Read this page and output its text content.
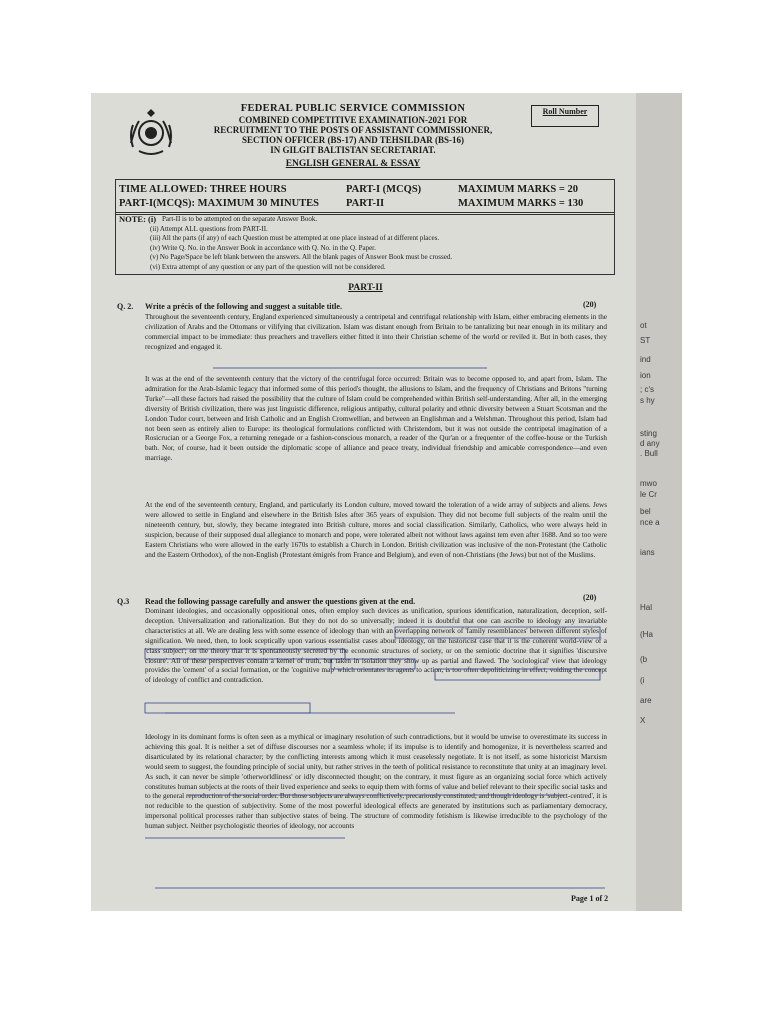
ot
ST
ind
ion
; c's
s hy
sting
d any
. Bull
mwo
le Cr
bel
nce a
ians
Hal
(Ha
(b
(i
are
X
FEDERAL PUBLIC SERVICE COMMISSION
COMBINED COMPETITIVE EXAMINATION-2021 FOR
RECRUITMENT TO THE POSTS OF ASSISTANT COMMISSIONER,
SECTION OFFICER (BS-17) AND TEHSILDAR (BS-16)
IN GILGIT BALTISTAN SECRETARIAT.
ENGLISH GENERAL & ESSAY
Roll Number
TIME ALLOWED: THREE HOURS
PART-I(MCQS): MAXIMUM 30 MINUTES
PART-I (MCQS)
PART-II
MAXIMUM MARKS = 20
MAXIMUM MARKS = 130
NOTE: (i) Part-II is to be attempted on the separate Answer Book.
(ii) Attempt ALL questions from PART-II.
(iii) All the parts (if any) of each Question must be attempted at one place instead of at different places.
(iv) Write Q. No. in the Answer Book in accordance with Q. No. in the Q. Paper.
(v) No Page/Space be left blank between the answers. All the blank pages of Answer Book must be crossed.
(vi) Extra attempt of any question or any part of the question will not be considered.
PART-II
Q. 2. Write a précis of the following and suggest a suitable title.	(20)
Throughout the seventeenth century, England experienced simultaneously a centripetal and centrifugal relationship with Islam, either embracing elements in the civilization of Arabs and the Ottomans or vilifying that civilization. Islam was distant enough from Britain to be tantalizing but near enough in its military and commercial impact to be immediate: thus preachers and travellers either fitted it into their Christian scheme of the world or reviled it. But in both cases, they recognized and engaged it.
It was at the end of the seventeenth century that the victory of the centrifugal force occurred: Britain was to become opposed to, and apart from, Islam. The admiration for the Arab-Islamic legacy that informed some of this period's thought, the allusions to Islam, and the frequency of Christians and Britons "turning Turke"—all these factors had raised the possibility that the culture of Islam could be comprehended within British self-understanding. After all, in the emerging diversity of British civilization, there was just linguistic difference, religious antipathy, cultural polarity and ethnic diversity between a Stuart Scotsman and the London Tudor court, between and Irish Catholic and an English Cromwellian, and between an Englishman and a Welshman. Throughout this period, Islam had not been seen as entirely alien to Europe: its theological formulations conflicted with Christendom, but it was not outside the centripetal imagination of a Rosicrucian or a George Fox, a returning renegade or a fashion-conscious monarch, a reader of the Qur'an or a frequenter of the coffee-house or the Turkish bath. Nor, of course, had it been outside the diplomatic scope of alliance and peace treaty, individual friendship and amicable correspondence—and even marriage.
At the end of the seventeenth century, England, and particularly its London culture, moved toward the toleration of a wide array of subjects and aliens. Jews were allowed to settle in England and elsewhere in the British Isles after 365 years of expulsion. They did not become full subjects of the realm until the nineteenth century, but, slowly, they became integrated into British culture, mores and social classification. Similarly, Catholics, who were always held in suspicion, because of their supposed dual allegiance to monarch and pope, were tolerated albeit not without laws against tem even after 1688. And so too were Eastern Christians who were allowed in the early 1670s to establish a Church in London. British civilization was inclusive of the non-Protestant (the Catholic and the Eastern Orthodox), of the non-English (Protestant émigrés from France and Belgium), and even of non-Christians (the Jews) but not of the Muslims.
Q.3 Read the following passage carefully and answer the questions given at the end.	(20)
Dominant ideologies, and occasionally oppositional ones, often employ such devices as unification, spurious identification, naturalization, deception, self-deception. Universalization and rationalization. But they do not do so universally; indeed it is doubtful that one can ascribe to ideology any invariable characteristics at all. We are dealing less with some essence of ideology than with an overlapping network of 'family resemblances' between different styles of signification. We need, then, to look sceptically upon various essentialist cases about ideology, on the historicist case that it is the coherent world-view of a 'class subject'; on the theory that it is spontaneously secreted by the economic structures of society, or on the semiotic doctrine that it signifies 'discursive closure'. All of these perspectives contain a kernel of truth, but taken in isolation they show up as partial and flawed. The 'sociological' view that ideology provides the 'cement' of a social formation, or the 'cognitive map' which orientates its agents to action, is too often depoliticizing in effect, voiding the concept of ideology of conflict and contradiction.
Ideology in its dominant forms is often seen as a mythical or imaginary resolution of such contradictions, but it would be unwise to overestimate its success in achieving this goal. It is neither a set of diffuse discourses nor a seamless whole; if its impulse is to identify and homogenize, it is nevertheless scarred and disarticulated by its relational character; by the conflicting interests among which it must ceaselessly negotiate. It is not itself, as some historicist Marxism would seem to suggest, the founding principle of social unity, but rather strives in the teeth of political resistance to reconstitute that unity at an imaginary level. As such, it can never be simple 'otherworldliness' or idly disconnected thought; on the contrary, it must figure as an organizing social force which actively constitutes human subjects at the roots of their lived experience and seeks to equip them with forms of value and belief relevant to their specific social tasks and to the general reproduction of the social order. But those subjects are always conflictively, precariously constituted; and though ideology is 'subject-centred', it is not reducible to the question of subjectivity. Some of the most powerful ideological effects are generated by institutions such as parliamentary democracy, impersonal political processes rather than subjective states of being. The structure of commodity fetishism is likewise irreducible to the psychology of the human subject. Neither psychologistic theories of ideology, nor accounts
Page 1 of 2
